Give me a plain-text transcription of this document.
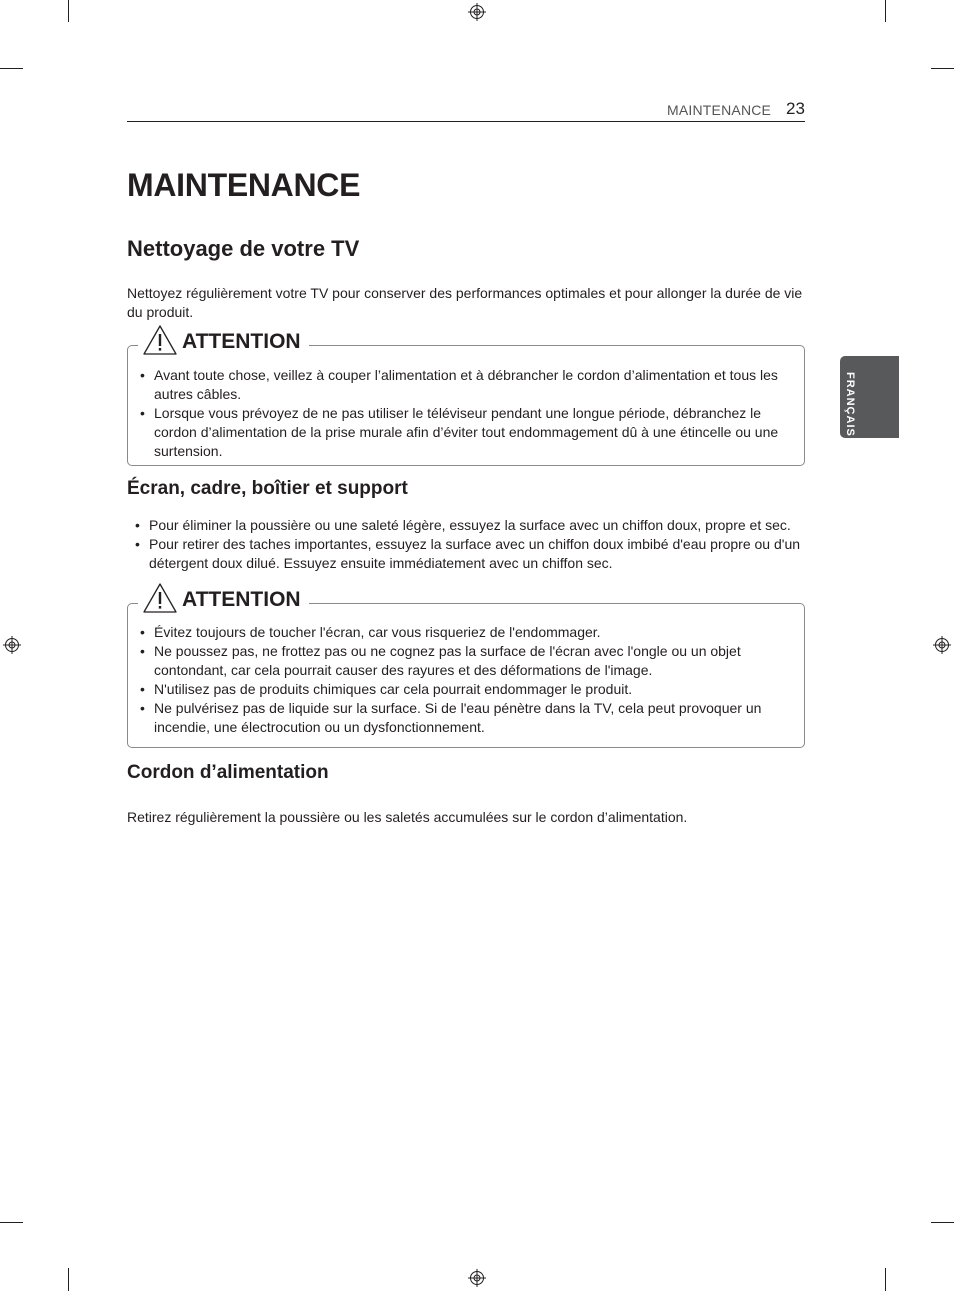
MAINTENANCE 23
FRANÇAIS
MAINTENANCE
Nettoyage de votre TV

Nettoyez régulièrement votre TV pour conserver des performances optimales et pour allonger la durée de vie du produit.

ATTENTION
• Avant toute chose, veillez à couper l’alimentation et à débrancher le cordon d’alimentation et tous les autres câbles.
• Lorsque vous prévoyez de ne pas utiliser le téléviseur pendant une longue période, débranchez le cordon d’alimentation de la prise murale afin d’éviter tout endommagement dû à une étincelle ou une surtension.
Écran, cadre, boîtier et support
• Pour éliminer la poussière ou une saleté légère, essuyez la surface avec un chiffon doux, propre et sec.
• Pour retirer des taches importantes, essuyez la surface avec un chiffon doux imbibé d'eau propre ou d'un détergent doux dilué. Essuyez ensuite immédiatement avec un chiffon sec.
ATTENTION
• Évitez toujours de toucher l'écran, car vous risqueriez de l'endommager.
• Ne poussez pas, ne frottez pas ou ne cognez pas la surface de l'écran avec l'ongle ou un objet contondant, car cela pourrait causer des rayures et des déformations de l'image.
• N'utilisez pas de produits chimiques car cela pourrait endommager le produit.
• Ne pulvérisez pas de liquide sur la surface. Si de l'eau pénètre dans la TV, cela peut provoquer un incendie, une électrocution ou un dysfonctionnement.
Cordon d’alimentation

Retirez régulièrement la poussière ou les saletés accumulées sur le cordon d’alimentation.
